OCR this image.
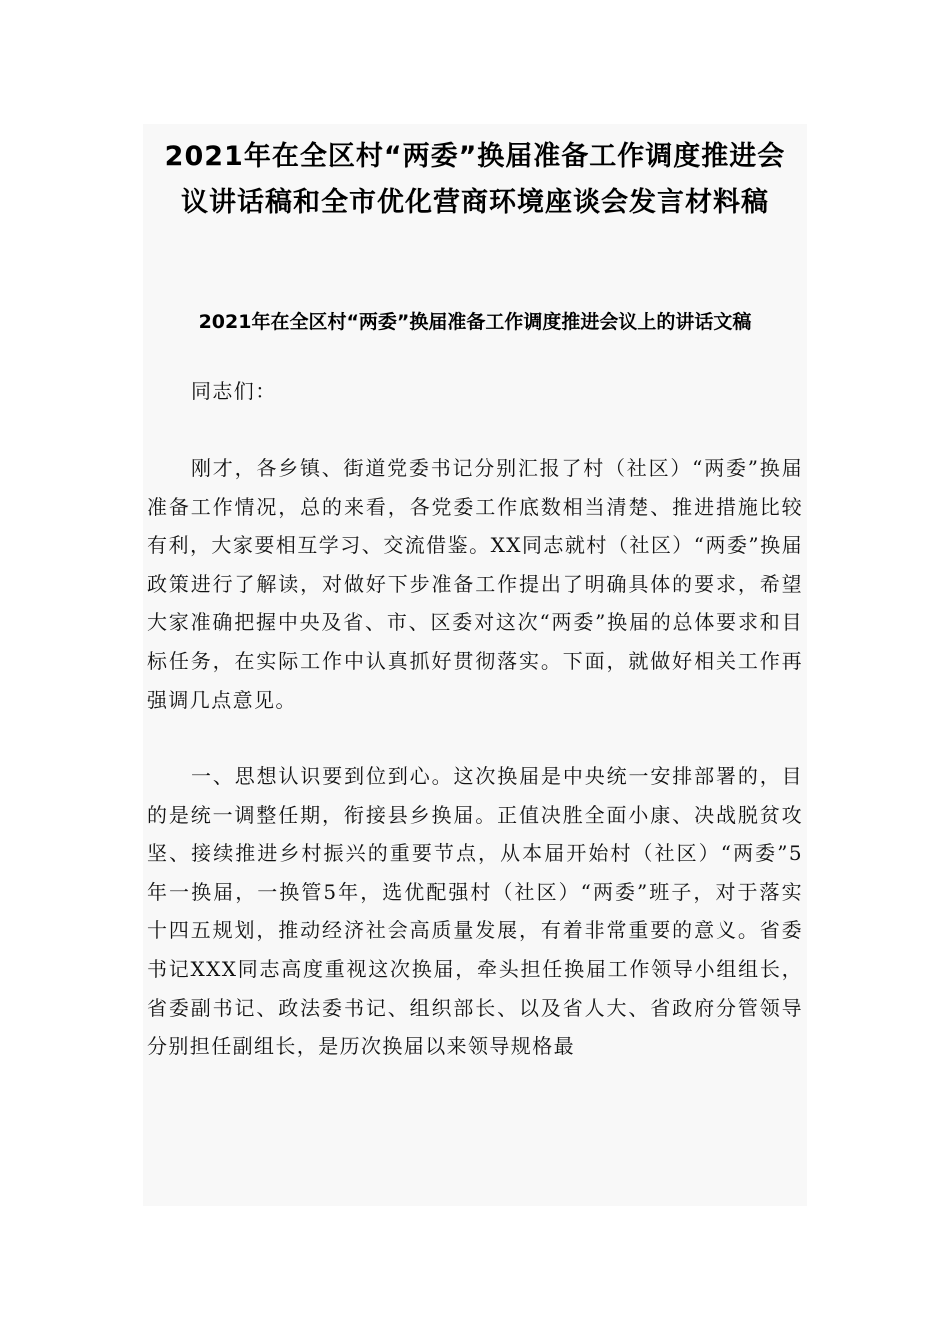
2021年在全区村“两委”换届准备工作调度推进会
议讲话稿和全市优化营商环境座谈会发言材料稿
2021年在全区村“两委”换届准备工作调度推进会议上的讲话文稿

同志们：

刚才，各乡镇、街道党委书记分别汇报了村（社区）“两委”换届准备工作情况，总的来看，各党委工作底数相当清楚、推进措施比较有利，大家要相互学习、交流借鉴。XX同志就村（社区）“两委”换届政策进行了解读，对做好下步准备工作提出了明确具体的要求，希望大家准确把握中央及省、市、区委对这次“两委”换届的总体要求和目标任务，在实际工作中认真抓好贯彻落实。下面，就做好相关工作再强调几点意见。

一、思想认识要到位到心。这次换届是中央统一安排部署的，目的是统一调整任期，衔接县乡换届。正值决胜全面小康、决战脱贫攻坚、接续推进乡村振兴的重要节点，从本届开始村（社区）“两委”5年一换届，一换管5年，选优配强村（社区）“两委”班子，对于落实十四五规划，推动经济社会高质量发展，有着非常重要的意义。省委书记XXX同志高度重视这次换届，牵头担任换届工作领导小组组长，省委副书记、政法委书记、组织部长、以及省人大、省政府分管领导分别担任副组长，是历次换届以来领导规格最
